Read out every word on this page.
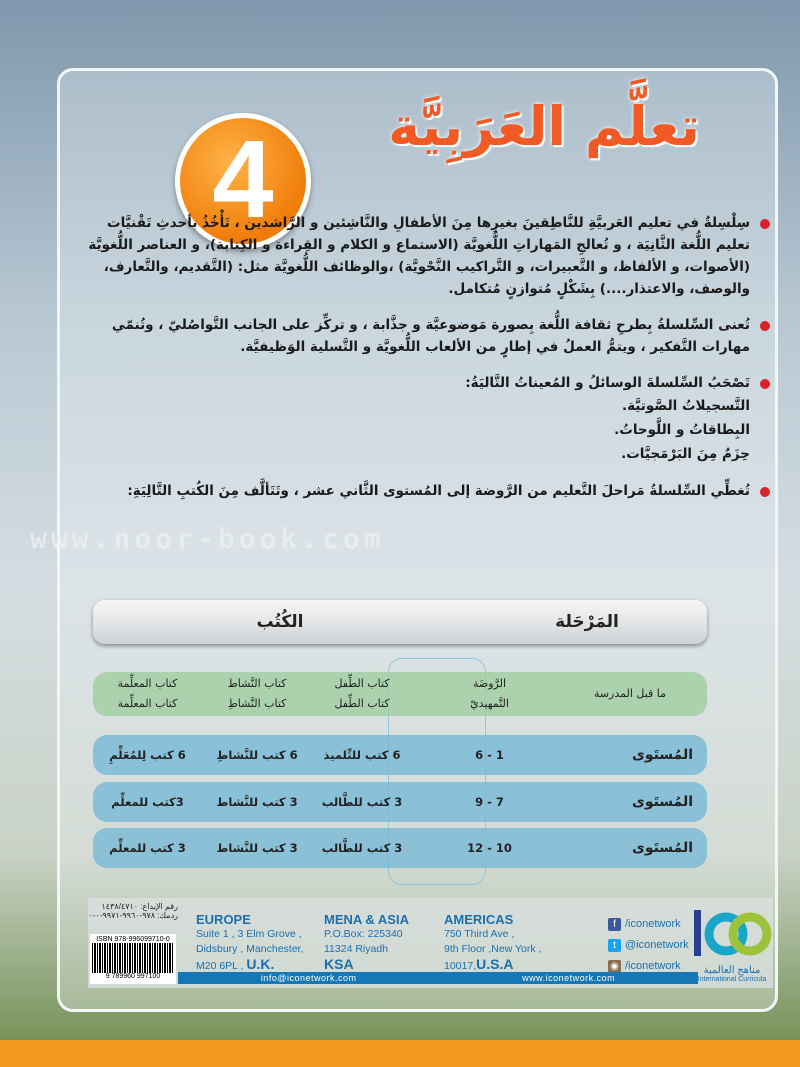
www.noor-book.com
4	تعلَّم العَرَبِيَّة
سِلْسِلةٌ في تعليم العَربيَّةِ للنَّاطِقينَ بغيرِها مِنَ الأطفالِ والنَّاشِئين و الرَّاشدين ، تَأْخُذُ بأحدثِ تَقْنيَّات تعليم اللُّغة الثَّانِيَة ، و تُعالجِ المَهاراتِ اللُّغويَّة (الاستماع و الكلام و القِراءة و الكِتابة)، و العناصر اللُّغويَّة (الأصوات، و الألفاظ، و التَّعبيرات، و التَّراكيب النَّحْويَّة) ،والوظائف اللُّغويَّة مثل: (التَّقديم، والتَّعارف، والوصف، والاعتذار....) بِشَكْلٍ مُتوازنٍ مُتكامل.
تُعنى السِّلسلةُ بِطرحِ ثقافة اللُّغة بِصورة مَوضوعيَّة و جذَّابة ، و تركِّز على الجانب التَّواصُليّ ، وتُنمّي مهارات التَّفكير ، ويتمُّ العملُ في إطارٍ من الألعاب اللُّغويَّة و التَّسلية الوَظيفيَّة.
تَصْحَبُ السِّلسلةَ الوسائلُ و المُعيناتُ التَّاليَةُ:
التَّسجيلاتُ الصَّوتيَّة.
البِطاقاتُ و اللَّوحاتُ.
حِزَمٌ مِنَ البَرْمَجيَّات.
تُغطِّي السِّلسلةُ مَراحلَ التَّعليم من الرَّوضة إلى المُستوى الثَّاني عشر ، وتَتَألَّف مِنَ الكُتبِ التَّالِيَةِ:
المَرْحَلة
الكُتُب
ما قبل المدرسة
الرَّوضَة
التَّمهيديّ
كتاب الطِّفل
كتاب الطِّفل
كتاب النَّشاط
كتاب النَّشاطِ
كتاب المعلِّمة
كتاب المعلِّمة
المُستَوى
1 - 6
6 كتب للتِّلميذ
6 كتب للنَّشاطِ
6 كتب لِلمُعَلِّمِ
المُستَوى
7 - 9
3 كتب للطَّالب
3 كتب للنَّشاط
3كتب للمعلِّم
المُستَوى
10 - 12
3 كتب للطَّالب
3 كتب للنَّشاط
3 كتب للمعلِّم
رقم الإيداع: ١٤٣٨/٤٧١٠
ردمك: ٩٧٨-٩٩٦٠-٩٩٧١-٠-٠
ISBN 978-996099710-0
9 789960 997100
EUROPE
Suite 1 , 3 Elm Grove ,
Didsbury , Manchester,
M20 6PL , U.K.
MENA & ASIA
P.O.Box: 225340
11324 Riyadh
KSA
AMERICAS
750 Third Ave ,
9th Floor ,New York ,
10017,U.S.A
f /iconetwork
t @iconetwork
◉ /iconetwork
info@iconetwork.com	www.iconetwork.com
مناهج العالمية
International Curricula
